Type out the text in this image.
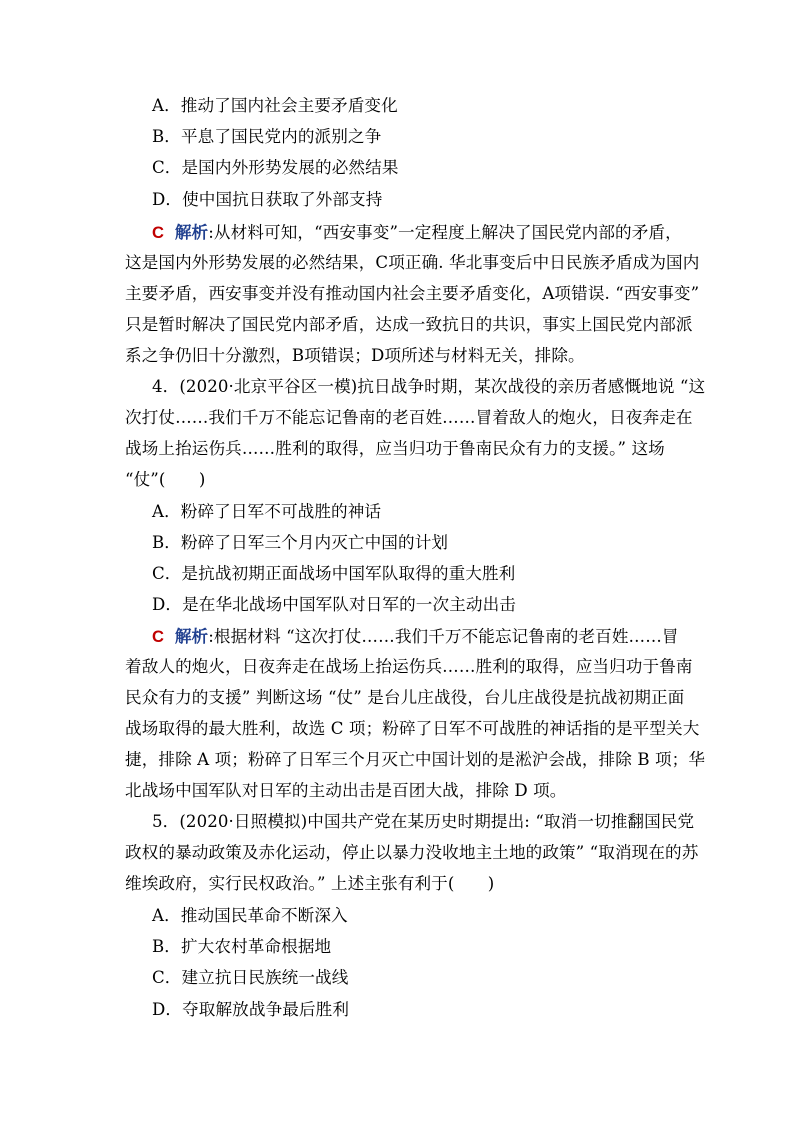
A．推动了国内社会主要矛盾变化
B．平息了国民党内的派别之争
C．是国内外形势发展的必然结果
D．使中国抗日获取了外部支持
C 解析:从材料可知，“西安事变”一定程度上解决了国民党内部的矛盾，
这是国内外形势发展的必然结果，C项正确. 华北事变后中日民族矛盾成为国内
主要矛盾，西安事变并没有推动国内社会主要矛盾变化，A项错误. “西安事变”
只是暂时解决了国民党内部矛盾，达成一致抗日的共识，事实上国民党内部派
系之争仍旧十分激烈，B项错误；D项所述与材料无关，排除。
4．(2020·北京平谷区一模)抗日战争时期，某次战役的亲历者感慨地说 “这
次打仗……我们千万不能忘记鲁南的老百姓……冒着敌人的炮火，日夜奔走在
战场上抬运伤兵……胜利的取得，应当归功于鲁南民众有力的支援。” 这场
“仗”(　　)
A．粉碎了日军不可战胜的神话
B．粉碎了日军三个月内灭亡中国的计划
C．是抗战初期正面战场中国军队取得的重大胜利
D．是在华北战场中国军队对日军的一次主动出击
C 解析:根据材料 “这次打仗……我们千万不能忘记鲁南的老百姓……冒
着敌人的炮火，日夜奔走在战场上抬运伤兵……胜利的取得，应当归功于鲁南
民众有力的支援” 判断这场 “仗” 是台儿庄战役，台儿庄战役是抗战初期正面
战场取得的最大胜利，故选 C 项；粉碎了日军不可战胜的神话指的是平型关大
捷，排除 A 项；粉碎了日军三个月灭亡中国计划的是淞沪会战，排除 B 项；华
北战场中国军队对日军的主动出击是百团大战，排除 D 项。
5．(2020·日照模拟)中国共产党在某历史时期提出: “取消一切推翻国民党
政权的暴动政策及赤化运动，停止以暴力没收地主土地的政策” “取消现在的苏
维埃政府，实行民权政治。” 上述主张有利于(　　)
A．推动国民革命不断深入
B．扩大农村革命根据地
C．建立抗日民族统一战线
D．夺取解放战争最后胜利
